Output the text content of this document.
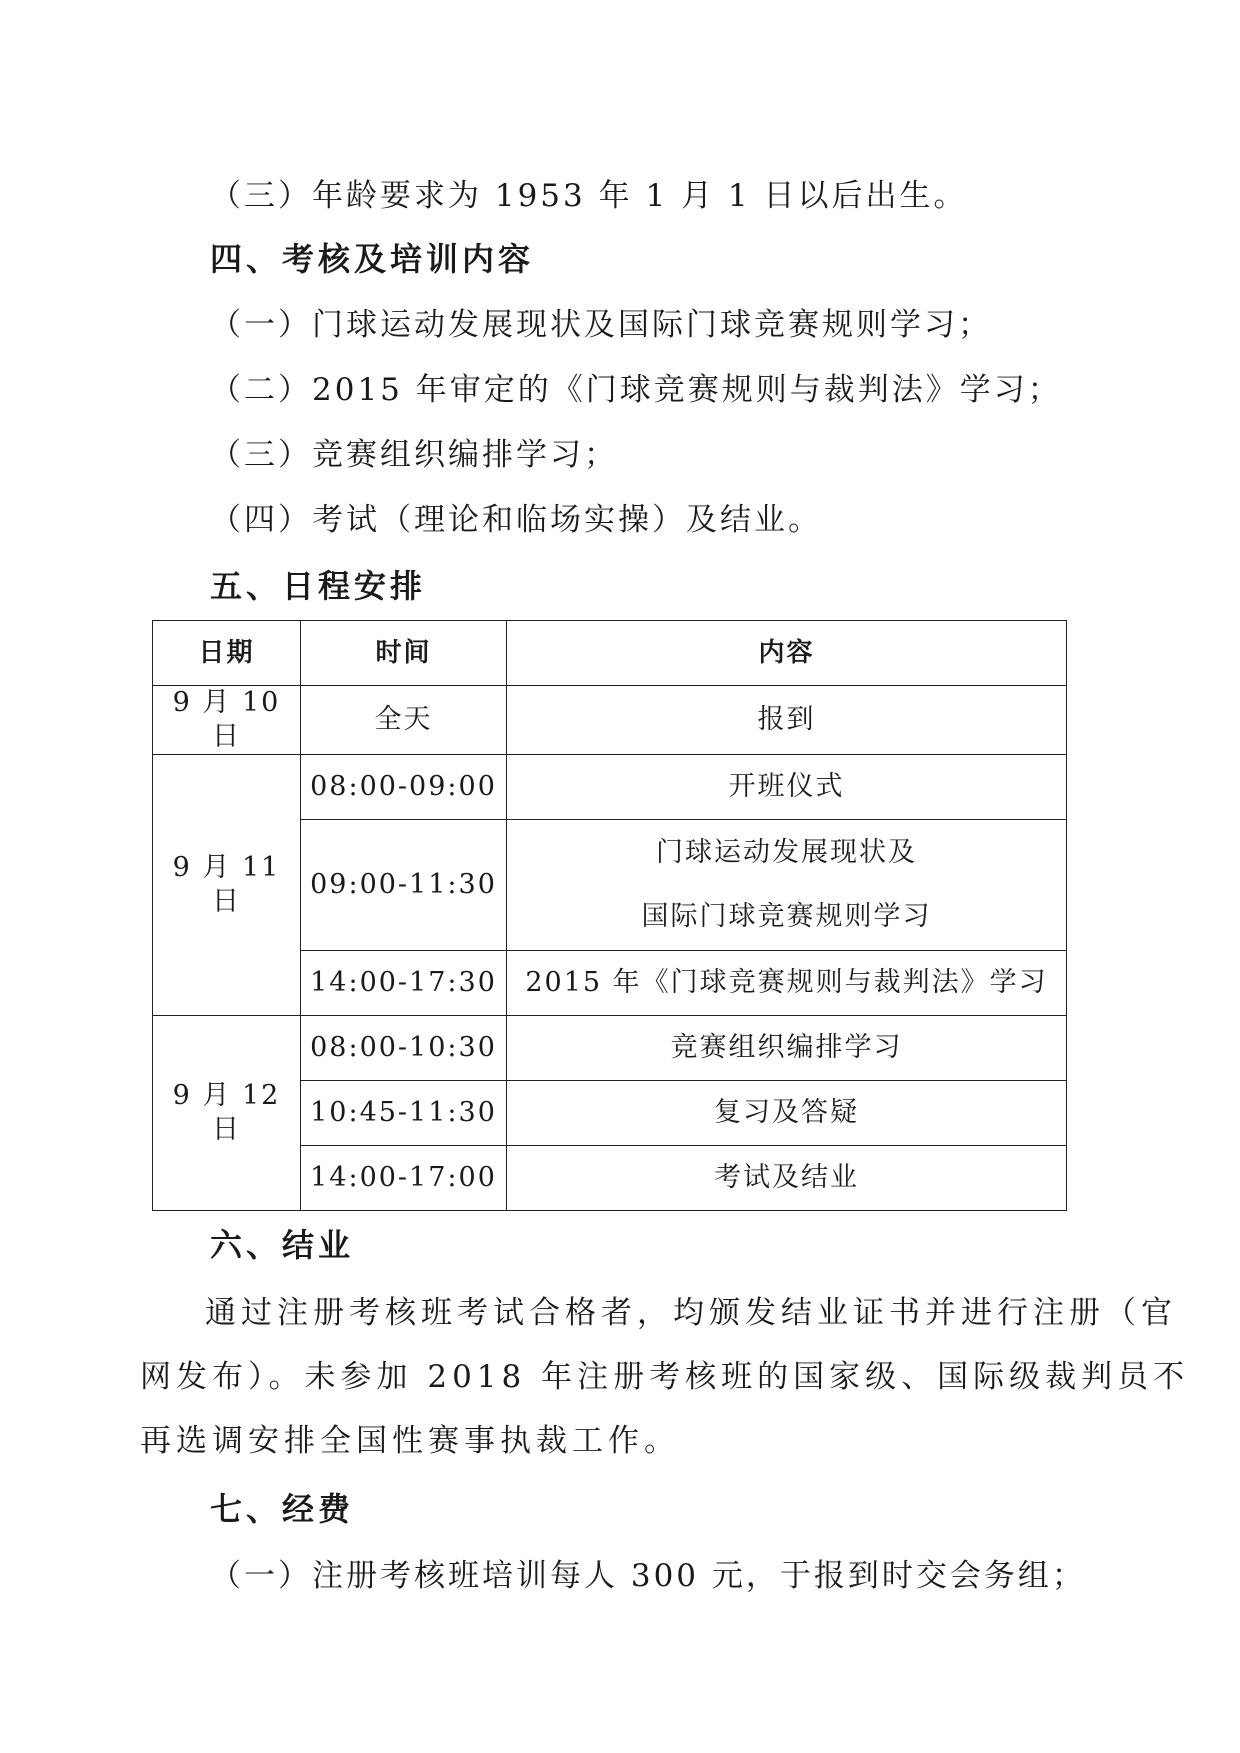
（三）年龄要求为 1953 年 1 月 1 日以后出生。

四、考核及培训内容

（一）门球运动发展现状及国际门球竞赛规则学习；

（二）2015 年审定的《门球竞赛规则与裁判法》学习；

（三）竞赛组织编排学习；

（四）考试（理论和临场实操）及结业。

五、日程安排

日期	时间	内容
9 月 10 日	全天	报到

9 月 11 日	08:00-09:00	开班仪式

	09:00-11:30	门球运动发展现状及
国际门球竞赛规则学习

	14:00-17:30	2015 年《门球竞赛规则与裁判法》学习

9 月 12 日	08:00-10:30	竞赛组织编排学习

	10:45-11:30	复习及答疑

	14:00-17:00	考试及结业

六、结业

通过注册考核班考试合格者，均颁发结业证书并进行注册（官

网发布）。未参加 2018 年注册考核班的国家级、国际级裁判员不

再选调安排全国性赛事执裁工作。

七、经费

（一）注册考核班培训每人 300 元，于报到时交会务组；
